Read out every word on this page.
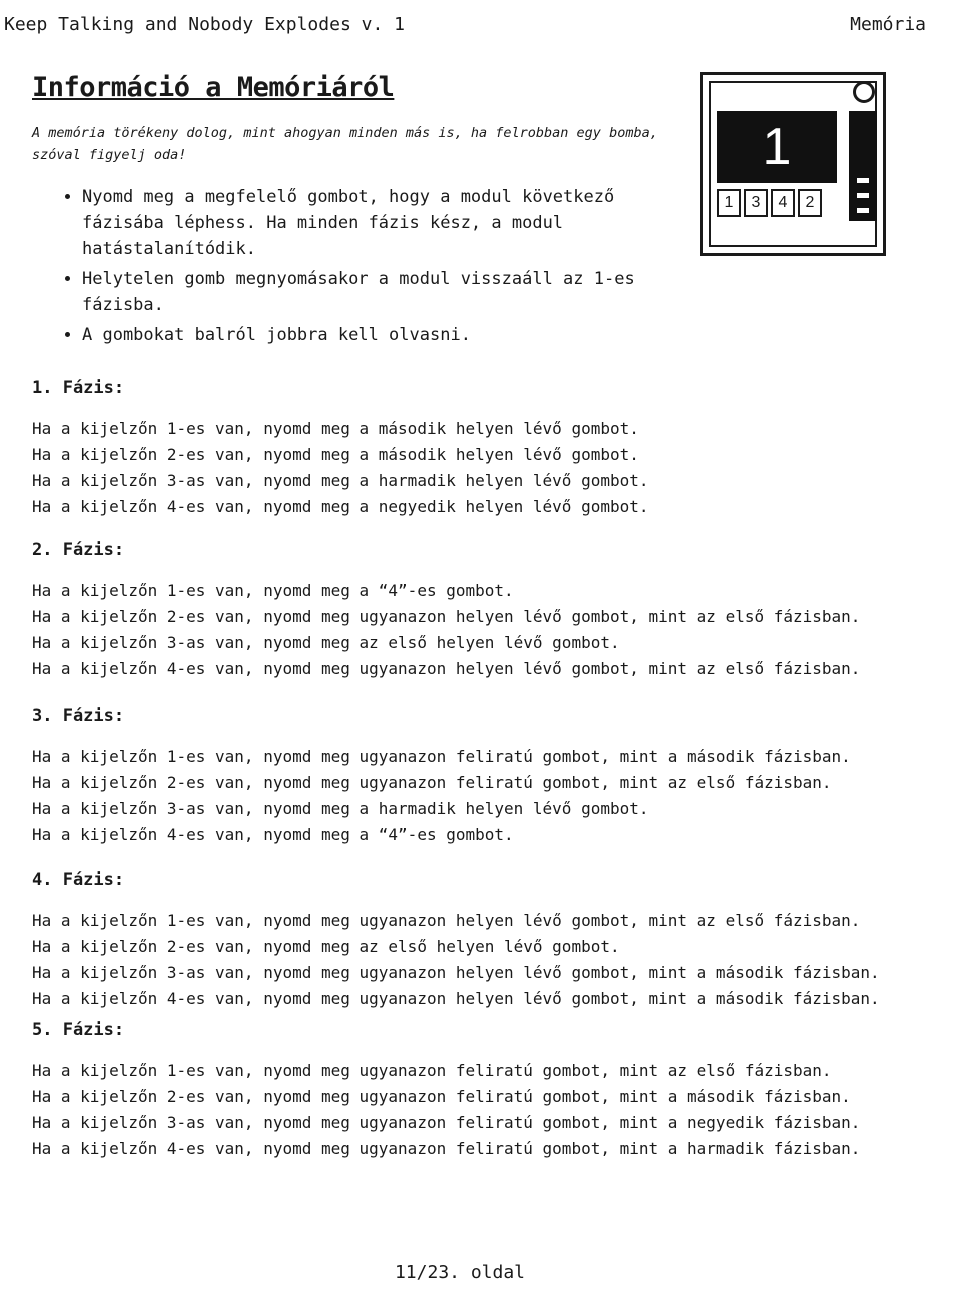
Keep Talking and Nobody Explodes v. 1	Memória
Információ a Memóriáról
A memória törékeny dolog, mint ahogyan minden más is, ha felrobban egy bomba, szóval figyelj oda!
• Nyomd meg a megfelelő gombot, hogy a modul következő fázisába léphess. Ha minden fázis kész, a modul hatástalanítódik.
• Helytelen gomb megnyomásakor a modul visszaáll az 1-es fázisba.
• A gombokat balról jobbra kell olvasni.
1
1	3	4	2
1. Fázis:
Ha a kijelzőn 1-es van, nyomd meg a második helyen lévő gombot.
Ha a kijelzőn 2-es van, nyomd meg a második helyen lévő gombot.
Ha a kijelzőn 3-as van, nyomd meg a harmadik helyen lévő gombot.
Ha a kijelzőn 4-es van, nyomd meg a negyedik helyen lévő gombot.
2. Fázis:
Ha a kijelzőn 1-es van, nyomd meg a “4”-es gombot.
Ha a kijelzőn 2-es van, nyomd meg ugyanazon helyen lévő gombot, mint az első fázisban.
Ha a kijelzőn 3-as van, nyomd meg az első helyen lévő gombot.
Ha a kijelzőn 4-es van, nyomd meg ugyanazon helyen lévő gombot, mint az első fázisban.
3. Fázis:
Ha a kijelzőn 1-es van, nyomd meg ugyanazon feliratú gombot, mint a második fázisban.
Ha a kijelzőn 2-es van, nyomd meg ugyanazon feliratú gombot, mint az első fázisban.
Ha a kijelzőn 3-as van, nyomd meg a harmadik helyen lévő gombot.
Ha a kijelzőn 4-es van, nyomd meg a “4”-es gombot.
4. Fázis:
Ha a kijelzőn 1-es van, nyomd meg ugyanazon helyen lévő gombot, mint az első fázisban.
Ha a kijelzőn 2-es van, nyomd meg az első helyen lévő gombot.
Ha a kijelzőn 3-as van, nyomd meg ugyanazon helyen lévő gombot, mint a második fázisban.
Ha a kijelzőn 4-es van, nyomd meg ugyanazon helyen lévő gombot, mint a második fázisban.
5. Fázis:
Ha a kijelzőn 1-es van, nyomd meg ugyanazon feliratú gombot, mint az első fázisban.
Ha a kijelzőn 2-es van, nyomd meg ugyanazon feliratú gombot, mint a második fázisban.
Ha a kijelzőn 3-as van, nyomd meg ugyanazon feliratú gombot, mint a negyedik fázisban.
Ha a kijelzőn 4-es van, nyomd meg ugyanazon feliratú gombot, mint a harmadik fázisban.
11/23. oldal
